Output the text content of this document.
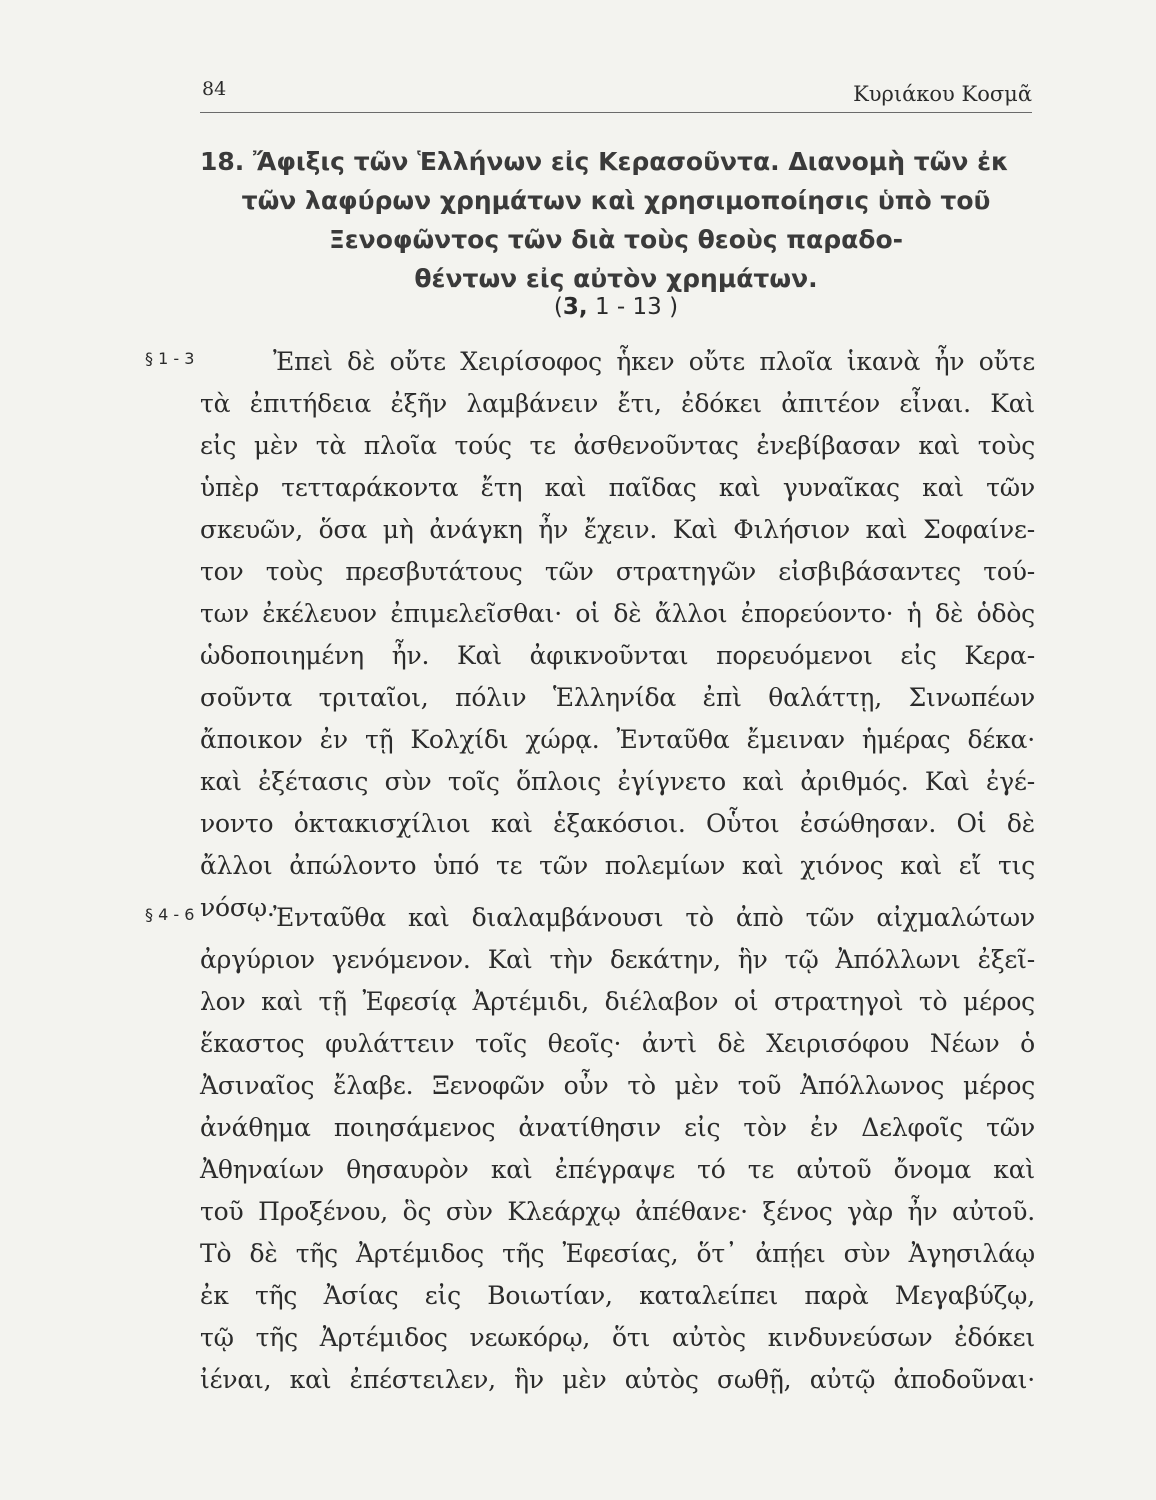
84	Κυριάκου Κοσμᾶ
18. Ἄφιξις τῶν Ἑλλήνων εἰς Κερασοῦντα. Διανομὴ τῶν ἐκ
τῶν λαφύρων χρημάτων καὶ χρησιμοποίησις ὑπὸ τοῦ
Ξενοφῶντος τῶν διὰ τοὺς θεοὺς παραδο-
θέντων εἰς αὐτὸν χρημάτων.
(3, 1 - 13 )
§ 1 - 3	Ἐπεὶ δὲ οὔτε Χειρίσοφος ἧκεν οὔτε πλοῖα ἱκανὰ ἦν οὔτε
τὰ ἐπιτήδεια ἐξῆν λαμβάνειν ἔτι, ἐδόκει ἀπιτέον εἶναι. Καὶ
εἰς μὲν τὰ πλοῖα τούς τε ἀσθενοῦντας ἐνεβίβασαν καὶ τοὺς
ὑπὲρ τετταράκοντα ἔτη καὶ παῖδας καὶ γυναῖκας καὶ τῶν
σκευῶν, ὅσα μὴ ἀνάγκη ἦν ἔχειν. Καὶ Φιλήσιον καὶ Σοφαίνε-
τον τοὺς πρεσβυτάτους τῶν στρατηγῶν εἰσβιβάσαντες τού-
των ἐκέλευον ἐπιμελεῖσθαι· οἱ δὲ ἄλλοι ἐπορεύοντο· ἡ δὲ ὁδὸς
ὡδοποιημένη ἦν. Καὶ ἀφικνοῦνται πορευόμενοι εἰς Κερα-
σοῦντα τριταῖοι, πόλιν Ἑλληνίδα ἐπὶ θαλάττῃ, Σινωπέων
ἄποικον ἐν τῇ Κολχίδι χώρᾳ. Ἐνταῦθα ἔμειναν ἡμέρας δέκα·
καὶ ἐξέτασις σὺν τοῖς ὅπλοις ἐγίγνετο καὶ ἀριθμός. Καὶ ἐγέ-
νοντο ὀκτακισχίλιοι καὶ ἑξακόσιοι. Οὗτοι ἐσώθησαν. Οἱ δὲ
ἄλλοι ἀπώλοντο ὑπό τε τῶν πολεμίων καὶ χιόνος καὶ εἴ τις
νόσῳ.
§ 4 - 6	Ἐνταῦθα καὶ διαλαμβάνουσι τὸ ἀπὸ τῶν αἰχμαλώτων
ἀργύριον γενόμενον. Καὶ τὴν δεκάτην, ἣν τῷ Ἀπόλλωνι ἐξεῖ-
λον καὶ τῇ Ἐφεσίᾳ Ἀρτέμιδι, διέλαβον οἱ στρατηγοὶ τὸ μέρος
ἕκαστος φυλάττειν τοῖς θεοῖς· ἀντὶ δὲ Χειρισόφου Νέων ὁ
Ἀσιναῖος ἔλαβε. Ξενοφῶν οὖν τὸ μὲν τοῦ Ἀπόλλωνος μέρος
ἀνάθημα ποιησάμενος ἀνατίθησιν εἰς τὸν ἐν Δελφοῖς τῶν
Ἀθηναίων θησαυρὸν καὶ ἐπέγραψε τό τε αὐτοῦ ὄνομα καὶ
τοῦ Προξένου, ὃς σὺν Κλεάρχῳ ἀπέθανε· ξένος γὰρ ἦν αὐτοῦ.
Τὸ δὲ τῆς Ἀρτέμιδος τῆς Ἐφεσίας, ὅτ᾽ ἀπῄει σὺν Ἀγησιλάῳ
ἐκ τῆς Ἀσίας εἰς Βοιωτίαν, καταλείπει παρὰ Μεγαβύζῳ,
τῷ τῆς Ἀρτέμιδος νεωκόρῳ, ὅτι αὐτὸς κινδυνεύσων ἐδόκει
ἰέναι, καὶ ἐπέστειλεν, ἣν μὲν αὐτὸς σωθῇ, αὐτῷ ἀποδοῦναι·
